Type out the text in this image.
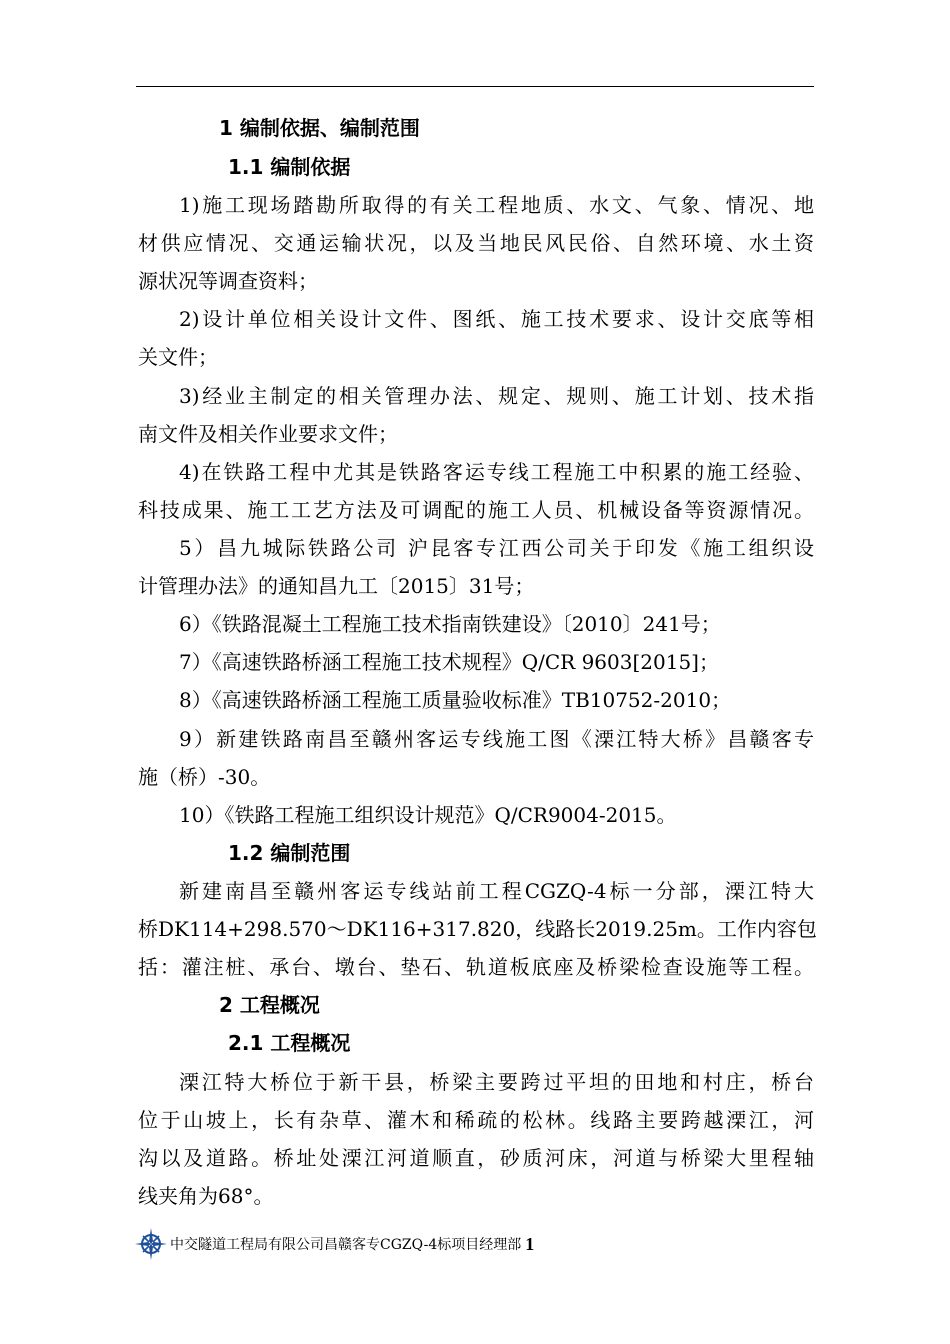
1 编制依据、编制范围
1.1 编制依据
1)施工现场踏勘所取得的有关工程地质、水文、气象、情况、地
材供应情况、交通运输状况，以及当地民风民俗、自然环境、水土资
源状况等调查资料；
2)设计单位相关设计文件、图纸、施工技术要求、设计交底等相
关文件；
3)经业主制定的相关管理办法、规定、规则、施工计划、技术指
南文件及相关作业要求文件；
4)在铁路工程中尤其是铁路客运专线工程施工中积累的施工经验、
科技成果、施工工艺方法及可调配的施工人员、机械设备等资源情况。
5）昌九城际铁路公司 沪昆客专江西公司关于印发《施工组织设
计管理办法》的通知昌九工〔2015〕31号；
6）《铁路混凝土工程施工技术指南铁建设》〔2010〕241号；
7）《高速铁路桥涵工程施工技术规程》Q/CR 9603[2015]；
8）《高速铁路桥涵工程施工质量验收标准》TB10752-2010；
9）新建铁路南昌至赣州客运专线施工图《溧江特大桥》昌赣客专
施（桥）-30。
10）《铁路工程施工组织设计规范》Q/CR9004-2015。
1.2 编制范围
新建南昌至赣州客运专线站前工程CGZQ-4标一分部，溧江特大
桥DK114+298.570～DK116+317.820，线路长2019.25m。工作内容包
括：灌注桩、承台、墩台、垫石、轨道板底座及桥梁检查设施等工程。
2 工程概况
2.1 工程概况
溧江特大桥位于新干县，桥梁主要跨过平坦的田地和村庄，桥台
位于山坡上，长有杂草、灌木和稀疏的松林。线路主要跨越溧江，河
沟以及道路。桥址处溧江河道顺直，砂质河床，河道与桥梁大里程轴
线夹角为68°。
中交隧道工程局有限公司昌赣客专CGZQ-4标项目经理部 1
